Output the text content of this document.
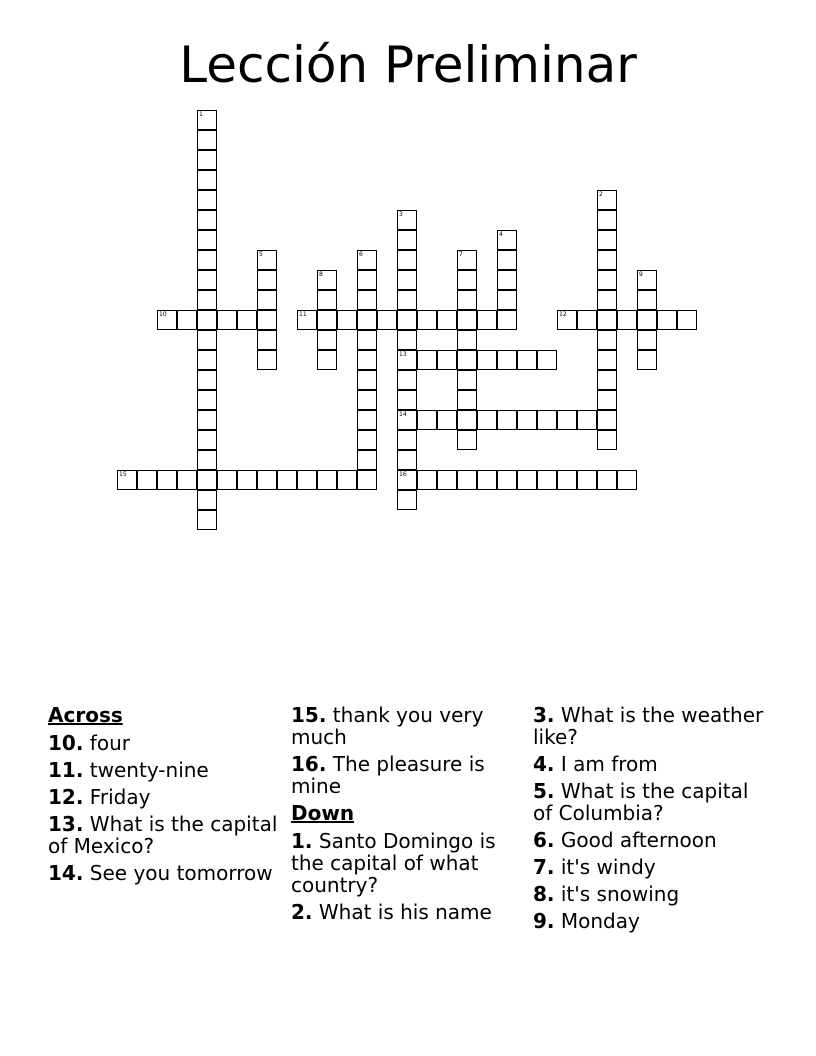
Lección Preliminar
1
2
3
13
14
16
4
5	6	7
8	9
10	11	12
15
Across
10. four
11. twenty-nine
12. Friday
13. What is the capital of Mexico?
14. See you tomorrow
15. thank you very much
16. The pleasure is mine
Down
1. Santo Domingo is the capital of what country?
2. What is his name
3. What is the weather like?
4. I am from
5. What is the capital of Columbia?
6. Good afternoon
7. it's windy
8. it's snowing
9. Monday
